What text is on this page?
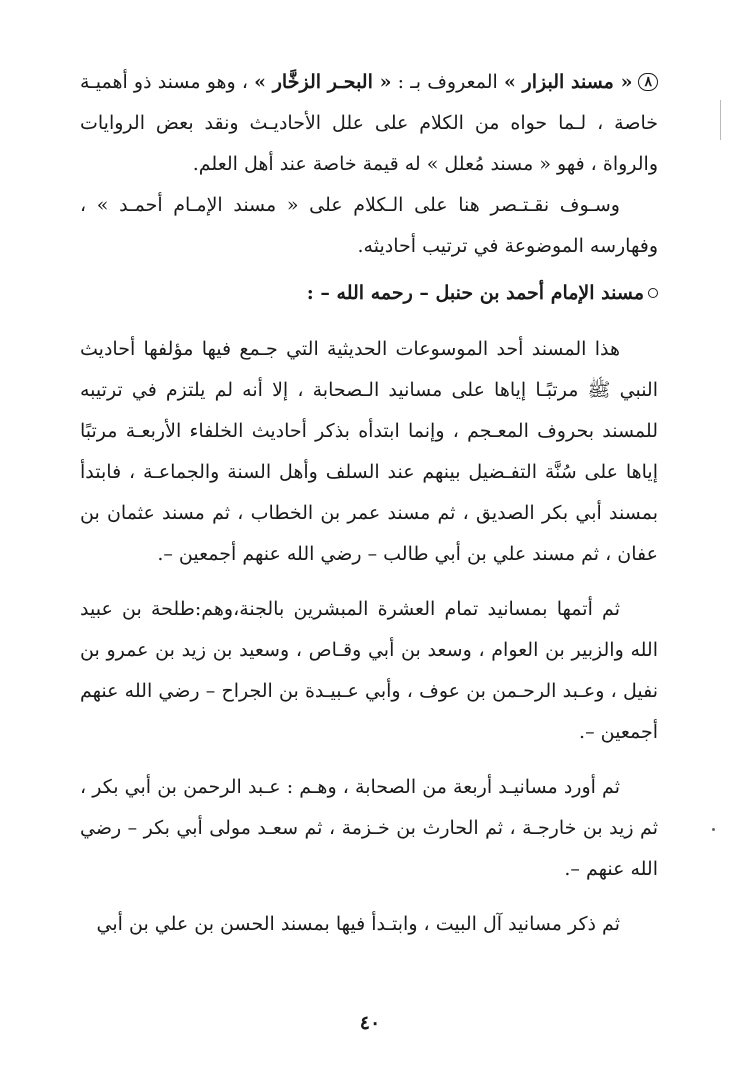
٨« مسند البزار » المعروف بـ : « البحـر الزخَّار » ، وهو مسند ذو أهميـة خاصة ، لـما حواه من الكلام على علل الأحاديـث ونقد بعض الروايات والرواة ، فهو « مسند مُعلل » له قيمة خاصة عند أهل العلم.

وسـوف نقـتـصر هنا على الـكلام على « مسند الإمـام أحمـد » ، وفهارسه الموضوعة في ترتيب أحاديثه.

مسند الإمام أحمد بن حنبل – رحمه الله – :

هذا المسند أحد الموسوعات الحديثية التي جـمع فيها مؤلفها أحاديث النبي ﷺ مرتبًـا إياها على مسانيد الـصحابة ، إلا أنه لم يلتزم في ترتيبه للمسند بحروف المعـجم ، وإنما ابتدأه بذكر أحاديث الخلفاء الأربعـة مرتبًا إياها على سُنَّة التفـضيل بينهم عند السلف وأهل السنة والجماعـة ، فابتدأ بمسند أبي بكر الصديق ، ثم مسند عمر بن الخطاب ، ثم مسند عثمان بن عفان ، ثم مسند علي بن أبي طالب – رضي الله عنهم أجمعين –.

ثم أتمها بمسانيد تمام العشرة المبشرين بالجنة،وهم:طلحة بن عبيد الله والزبير بن العوام ، وسعد بن أبي وقـاص ، وسعيد بن زيد بن عمرو بن نفيل ، وعـبد الرحـمن بن عوف ، وأبي عـبيـدة بن الجراح – رضي الله عنهم أجمعين –.

ثم أورد مسانيـد أربعة من الصحابة ، وهـم : عـبد الرحمن بن أبي بكر ، ثم زيد بن خارجـة ، ثم الحارث بن خـزمة ، ثم سعـد مولى أبي بكر – رضي الله عنهم –.

ثم ذكر مسانيد آل البيت ، وابتـدأ فيها بمسند الحسن بن علي بن أبي

٤٠
